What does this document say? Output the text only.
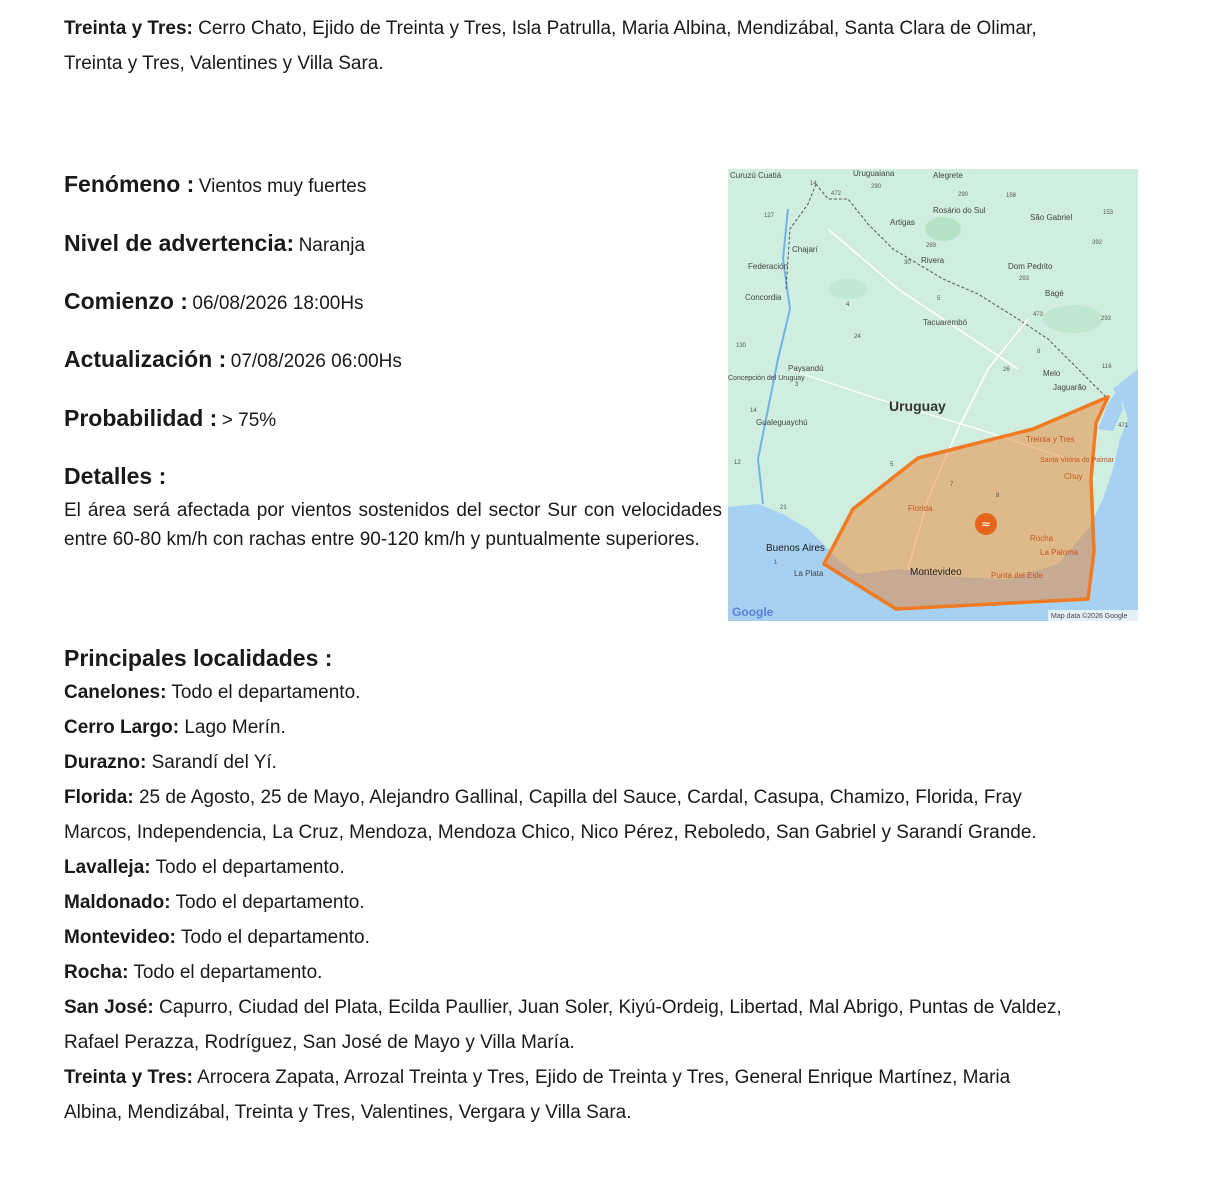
Treinta y Tres: Cerro Chato, Ejido de Treinta y Tres, Isla Patrulla, Maria Albina, Mendizábal, Santa Clara de Olimar,
Treinta y Tres, Valentines y Villa Sara.
Fenómeno : Vientos muy fuertes
Nivel de advertencia: Naranja
Comienzo : 06/08/2026 18:00Hs
Actualización : 07/08/2026 06:00Hs
Probabilidad : > 75%
Detalles :
El área será afectada por vientos sostenidos del sector Sur con velocidades entre 60-80 km/h con rachas entre 90-120 km/h y puntualmente superiores.
≈
Uruguay
Buenos Aires
La Plata	Montevideo	Punta del Este
Rocha
La Paloma
Florida
Treinta y Tres
Santa Vitória do Palmar
Chuy
Melo
Jaguarão
Tacuarembó
Rivera
Artigas
Uruguaiana	Alegrete
Rosário do Sul
São Gabriel
Dom Pedrito
Bagé
Curuzú Cuatiá
Chajarí
Federación
Concordia
Paysandú
Concepción del Uruguay
Gualeguaychú
14
472
290
290	158
153
127
293	392
30
293
4
5
473
293
130
24
8
116
26
3
14
12
471
7
8
5
21
1
Google	Map data ©2026 Google
Principales localidades :
Canelones: Todo el departamento.
Cerro Largo: Lago Merín.
Durazno: Sarandí del Yí.
Florida: 25 de Agosto, 25 de Mayo, Alejandro Gallinal, Capilla del Sauce, Cardal, Casupa, Chamizo, Florida, Fray
Marcos, Independencia, La Cruz, Mendoza, Mendoza Chico, Nico Pérez, Reboledo, San Gabriel y Sarandí Grande.
Lavalleja: Todo el departamento.
Maldonado: Todo el departamento.
Montevideo: Todo el departamento.
Rocha: Todo el departamento.
San José: Capurro, Ciudad del Plata, Ecilda Paullier, Juan Soler, Kiyú-Ordeig, Libertad, Mal Abrigo, Puntas de Valdez,
Rafael Perazza, Rodríguez, San José de Mayo y Villa María.
Treinta y Tres: Arrocera Zapata, Arrozal Treinta y Tres, Ejido de Treinta y Tres, General Enrique Martínez, Maria
Albina, Mendizábal, Treinta y Tres, Valentines, Vergara y Villa Sara.
